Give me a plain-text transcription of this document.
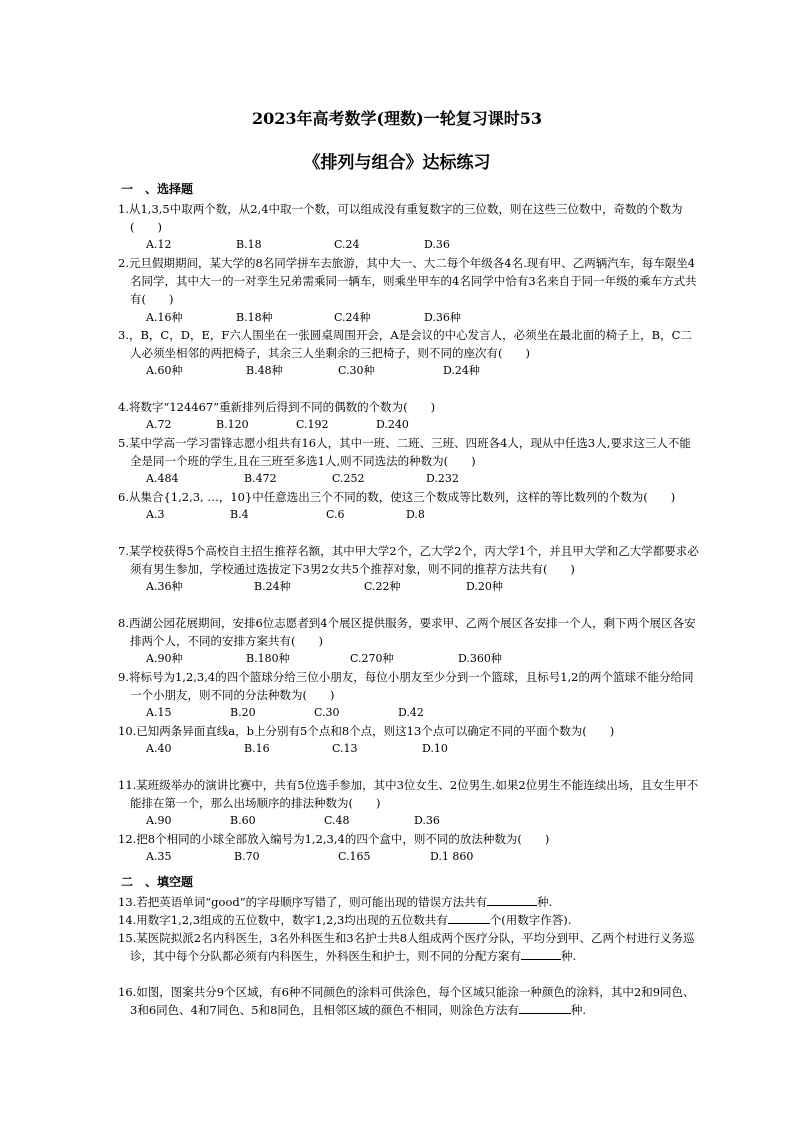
2023年高考数学(理数)一轮复习课时53
《排列与组合》达标练习
一　、选择题
1.从1,3,5中取两个数，从2,4中取一个数，可以组成没有重复数字的三位数，则在这些三位数中，奇数的个数为(　　)
A.12	B.18	C.24	D.36
2.元旦假期期间，某大学的8名同学拼车去旅游，其中大一、大二每个年级各4名.现有甲、乙两辆汽车，每车限坐4名同学，其中大一的一对孪生兄弟需乘同一辆车，则乘坐甲车的4名同学中恰有3名来自于同一年级的乘车方式共有(　　)
A.16种	B.18种	C.24种	D.36种
3.，B，C，D，E，F六人围坐在一张圆桌周围开会，A是会议的中心发言人，必须坐在最北面的椅子上，B，C二人必须坐相邻的两把椅子，其余三人坐剩余的三把椅子，则不同的座次有(　　)
A.60种	B.48种	C.30种	D.24种
4.将数字“124467”重新排列后得到不同的偶数的个数为(　　)
A.72	B.120	C.192	D.240
5.某中学高一学习雷锋志愿小组共有16人，其中一班、二班、三班、四班各4人，现从中任选3人,要求这三人不能全是同一个班的学生,且在三班至多选1人,则不同选法的种数为(　　)
A.484	B.472	C.252	D.232
6.从集合{1,2,3, …，10}中任意选出三个不同的数，使这三个数成等比数列，这样的等比数列的个数为(　　)
A.3	B.4	C.6	D.8
7.某学校获得5个高校自主招生推荐名额，其中甲大学2个，乙大学2个，丙大学1个，并且甲大学和乙大学都要求必须有男生参加，学校通过选拔定下3男2女共5个推荐对象，则不同的推荐方法共有(　　)
A.36种	B.24种	C.22种	D.20种
8.西湖公园花展期间，安排6位志愿者到4个展区提供服务，要求甲、乙两个展区各安排一个人，剩下两个展区各安排两个人，不同的安排方案共有(　　)
A.90种	B.180种	C.270种	D.360种
9.将标号为1,2,3,4的四个篮球分给三位小朋友，每位小朋友至少分到一个篮球，且标号1,2的两个篮球不能分给同一个小朋友，则不同的分法种数为(　　)
A.15	B.20	C.30	D.42
10.已知两条异面直线a，b上分别有5个点和8个点，则这13个点可以确定不同的平面个数为(　　)
A.40	B.16	C.13	D.10
11.某班级举办的演讲比赛中，共有5位选手参加，其中3位女生、2位男生.如果2位男生不能连续出场，且女生甲不能排在第一个，那么出场顺序的排法种数为(　　)
A.90	B.60	C.48	D.36
12.把8个相同的小球全部放入编号为1,2,3,4的四个盒中，则不同的放法种数为(　　)
A.35	B.70	C.165	D.1 860
二　、填空题
13.若把英语单词“good”的字母顺序写错了，则可能出现的错误方法共有	种.
14.用数字1,2,3组成的五位数中，数字1,2,3均出现的五位数共有	个(用数字作答).
15.某医院拟派2名内科医生，3名外科医生和3名护士共8人组成两个医疗分队，平均分到甲、乙两个村进行义务巡诊，其中每个分队都必须有内科医生，外科医生和护士，则不同的分配方案有	种.
16.如图，图案共分9个区域，有6种不同颜色的涂料可供涂色，每个区域只能涂一种颜色的涂料，其中2和9同色、3和6同色、4和7同色、5和8同色，且相邻区域的颜色不相同，则涂色方法有	种.
